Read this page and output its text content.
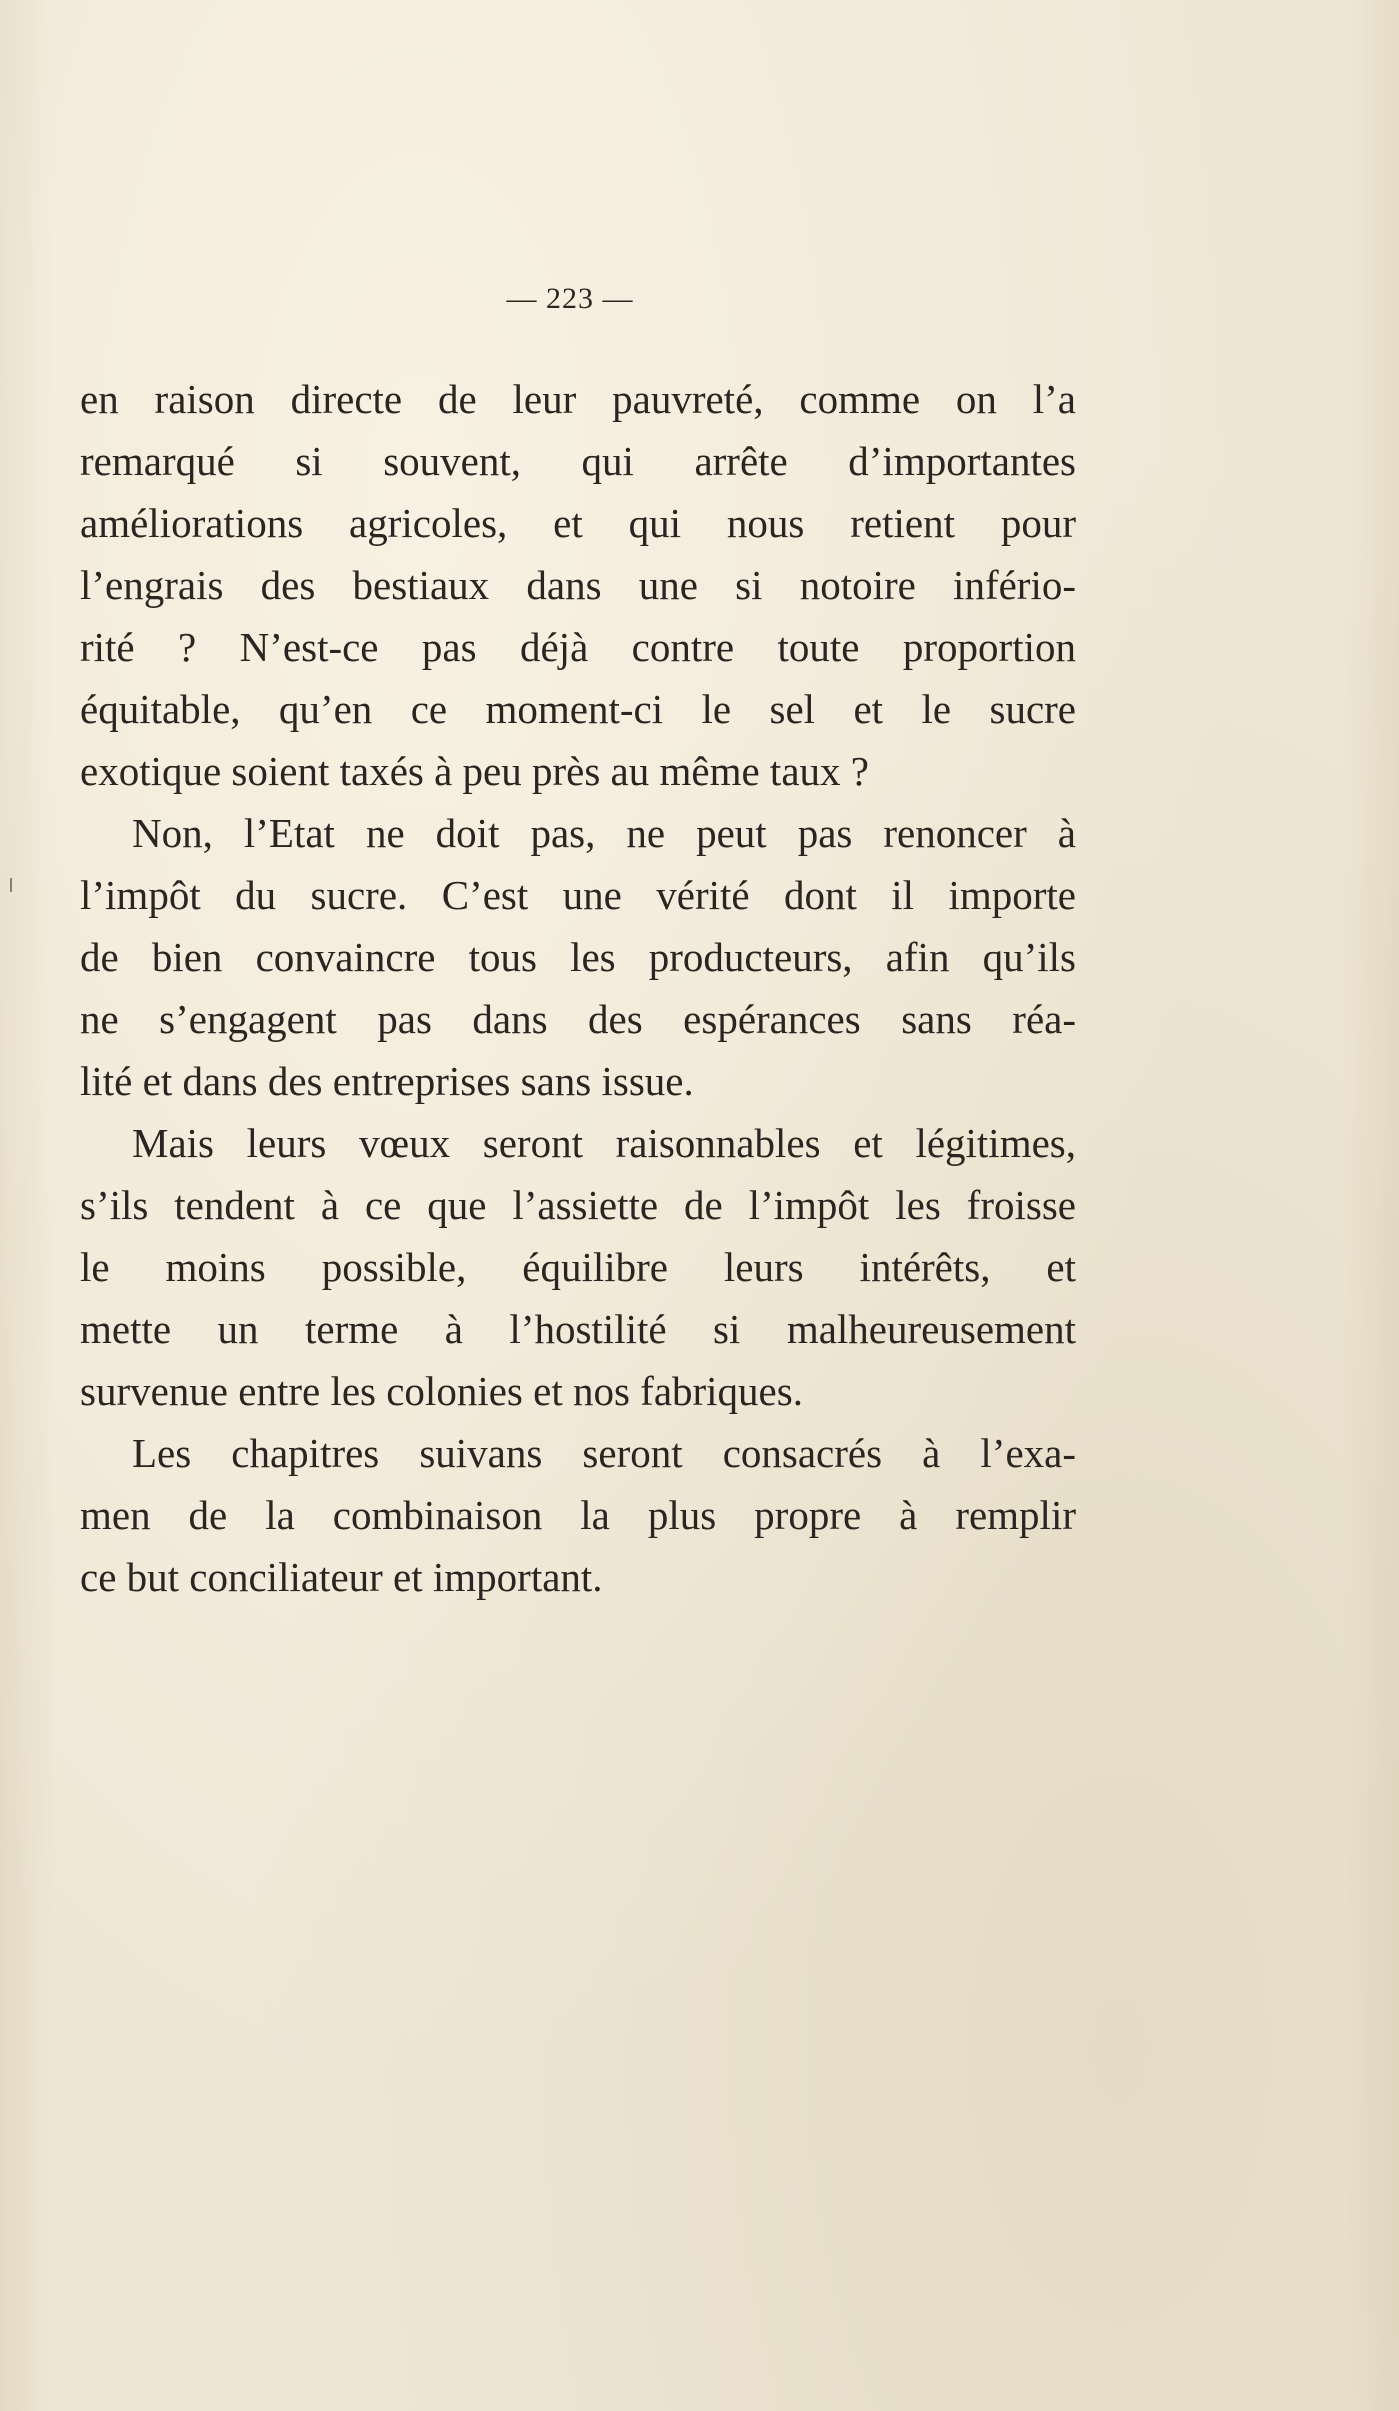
— 223 —
en raison directe de leur pauvreté, comme on l’a
remarqué si souvent, qui arrête d’importantes
améliorations agricoles, et qui nous retient pour
l’engrais des bestiaux dans une si notoire infério-
rité ? N’est-ce pas déjà contre toute proportion
équitable, qu’en ce moment-ci le sel et le sucre
exotique soient taxés à peu près au même taux ?
Non, l’Etat ne doit pas, ne peut pas renoncer à
l’impôt du sucre. C’est une vérité dont il importe
de bien convaincre tous les producteurs, afin qu’ils
ne s’engagent pas dans des espérances sans réa-
lité et dans des entreprises sans issue.
Mais leurs vœux seront raisonnables et légitimes,
s’ils tendent à ce que l’assiette de l’impôt les froisse
le moins possible, équilibre leurs intérêts, et
mette un terme à l’hostilité si malheureusement
survenue entre les colonies et nos fabriques.
Les chapitres suivans seront consacrés à l’exa-
men de la combinaison la plus propre à remplir
ce but conciliateur et important.
